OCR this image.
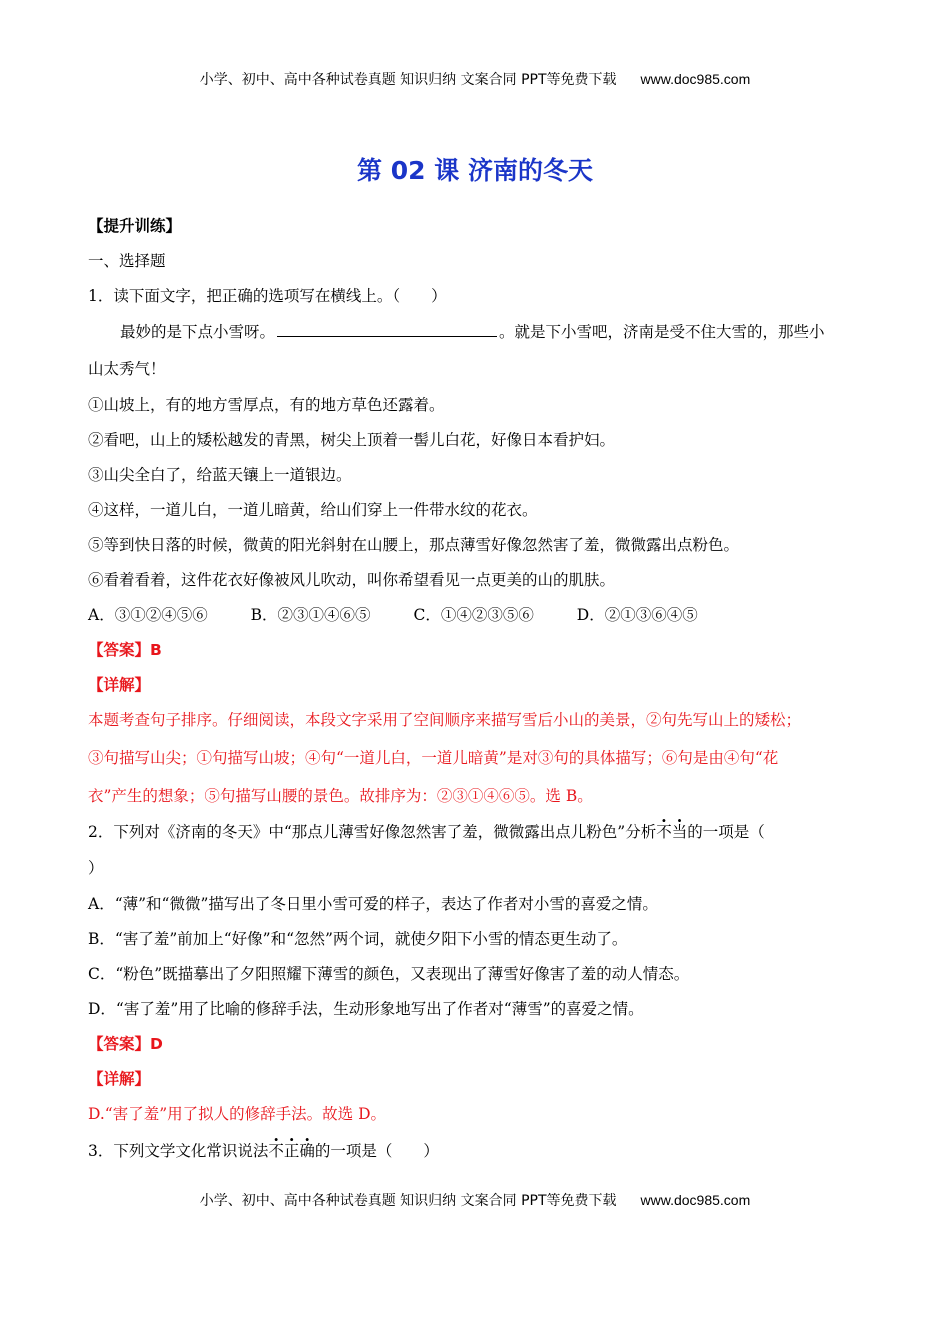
小学、初中、高中各种试卷真题 知识归纳 文案合同 PPT等免费下载 www.doc985.com
第 02 课 济南的冬天
【提升训练】
一、选择题
1．读下面文字，把正确的选项写在横线上。（　　）
最妙的是下点小雪呀。	。就是下小雪吧，济南是受不住大雪的，那些小
山太秀气！
①山坡上，有的地方雪厚点，有的地方草色还露着。
②看吧，山上的矮松越发的青黑，树尖上顶着一髻儿白花，好像日本看护妇。
③山尖全白了，给蓝天镶上一道银边。
④这样，一道儿白，一道儿暗黄，给山们穿上一件带水纹的花衣。
⑤等到快日落的时候，微黄的阳光斜射在山腰上，那点薄雪好像忽然害了羞，微微露出点粉色。
⑥看着看着，这件花衣好像被风儿吹动，叫你希望看见一点更美的山的肌肤。
A．③①②④⑤⑥	B．②③①④⑥⑤	C．①④②③⑤⑥	D．②①③⑥④⑤
【答案】B
【详解】
本题考查句子排序。仔细阅读，本段文字采用了空间顺序来描写雪后小山的美景，②句先写山上的矮松；
③句描写山尖；①句描写山坡；④句“一道儿白，一道儿暗黄”是对③句的具体描写；⑥句是由④句“花
衣”产生的想象；⑤句描写山腰的景色。故排序为：②③①④⑥⑤。选 B。
2．下列对《济南的冬天》中“那点儿薄雪好像忽然害了羞，微微露出点儿粉色”分析不当的一项是（
）
A．“薄”和“微微”描写出了冬日里小雪可爱的样子，表达了作者对小雪的喜爱之情。
B．“害了羞”前加上“好像”和“忽然”两个词，就使夕阳下小雪的情态更生动了。
C．“粉色”既描摹出了夕阳照耀下薄雪的颜色，又表现出了薄雪好像害了羞的动人情态。
D．“害了羞”用了比喻的修辞手法，生动形象地写出了作者对“薄雪”的喜爱之情。
【答案】D
【详解】
D.“害了羞”用了拟人的修辞手法。故选 D。
3．下列文学文化常识说法不正确的一项是（　　）
小学、初中、高中各种试卷真题 知识归纳 文案合同 PPT等免费下载 www.doc985.com
